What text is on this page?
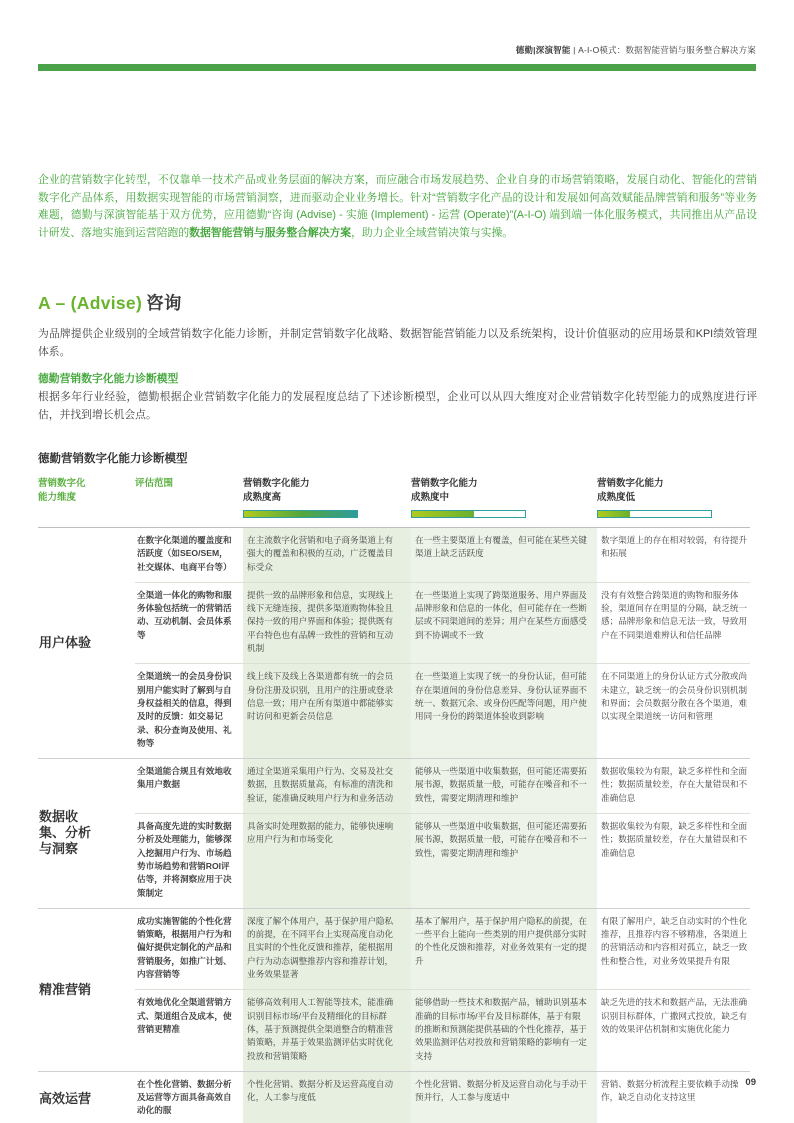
德勤|深演智能 | A-I-O模式：数据智能营销与服务整合解决方案
企业的营销数字化转型，不仅靠单一技术产品或业务层面的解决方案，而应融合市场发展趋势、企业自身的市场营销策略，发展自动化、智能化的营销数字化产品体系，用数据实现智能的市场营销洞察，进而驱动企业业务增长。针对“营销数字化产品的设计和发展如何高效赋能品牌营销和服务”等业务难题，德勤与深演智能基于双方优势，应用德勤“咨询 (Advise) - 实施 (Implement) - 运营 (Operate)”(A-I-O) 端到端一体化服务模式，共同推出从产品设计研发、落地实施到运营陪跑的数据智能营销与服务整合解决方案，助力企业全域营销决策与实操。
A – (Advise) 咨询
为品牌提供企业级别的全域营销数字化能力诊断，并制定营销数字化战略、数据智能营销能力以及系统架构，设计价值驱动的应用场景和KPI绩效管理体系。
德勤营销数字化能力诊断模型
根据多年行业经验，德勤根据企业营销数字化能力的发展程度总结了下述诊断模型，企业可以从四大维度对企业营销数字化转型能力的成熟度进行评估，并找到增长机会点。
德勤营销数字化能力诊断模型
营销数字化
能力维度
评估范围	营销数字化能力
成熟度高
营销数字化能力
成熟度中
营销数字化能力
成熟度低
用户体验
在数字化渠道的覆盖度和活跃度（如SEO/SEM，社交媒体、电商平台等）
在主流数字化营销和电子商务渠道上有强大的覆盖和积极的互动，广泛覆盖目标受众
在一些主要渠道上有覆盖，但可能在某些关键渠道上缺乏活跃度
数字渠道上的存在相对较弱，有待提升和拓展
全渠道一体化的购物和服务体验包括统一的营销活动、互动机制、会员体系等
提供一致的品牌形象和信息，实现线上线下无缝连接，提供多渠道购物体验且保持一致的用户界面和体验；提供既有平台特色也有品牌一致性的营销和互动机制
在一些渠道上实现了跨渠道服务、用户界面及品牌形象和信息的一体化，但可能存在一些断层或不同渠道间的差异；用户在某些方面感受到不协调或不一致
没有有效整合跨渠道的购物和服务体验，渠道间存在明显的分隔，缺乏统一感；品牌形象和信息无法一致，导致用户在不同渠道难辨认和信任品牌
全渠道统一的会员身份识别用户能实时了解到与自身权益相关的信息，得到及时的反馈：如交易记录、积分查询及使用、礼物等
线上线下及线上各渠道都有统一的会员身份注册及识别，且用户的注册或登录信息一致；用户在所有渠道中都能够实时访问和更新会员信息
在一些渠道上实现了统一的身份认证，但可能存在渠道间的身份信息差异、身份认证界面不统一、数据冗余、或身份匹配等问题，用户使用同一身份的跨渠道体验收到影响
在不同渠道上的身份认证方式分散或尚未建立，缺乏统一的会员身份识别机制和界面；会员数据分散在各个渠道，难以实现全渠道统一访问和管理
数据收集、分析与洞察
全渠道能合规且有效地收集用户数据
通过全渠道采集用户行为、交易及社交数据，且数据质量高，有标准的清洗和验证，能准确反映用户行为和业务活动
能够从一些渠道中收集数据，但可能还需要拓展书源，数据质量一般，可能存在噪音和不一致性，需要定期清理和维护
数据收集较为有限，缺乏多样性和全面性；数据质量较差，存在大量错误和不准确信息
具备高度先进的实时数据分析及处理能力，能够深入挖掘用户行为、市场趋势市场趋势和营销ROI评估等，并将洞察应用于决策制定
具备实时处理数据的能力，能够快速响应用户行为和市场变化
能够从一些渠道中收集数据，但可能还需要拓展书源，数据质量一般，可能存在噪音和不一致性，需要定期清理和维护
数据收集较为有限，缺乏多样性和全面性；数据质量较差，存在大量错误和不准确信息
精准营销
成功实施智能的个性化营销策略，根据用户行为和偏好提供定制化的产品和营销服务，如推广计划、内容营销等
深度了解个体用户，基于保护用户隐私的前提，在不同平台上实现高度自动化且实时的个性化反馈和推荐，能根据用户行为动态调整推荐内容和推荐计划，业务效果显著
基本了解用户，基于保护用户隐私的前提，在一些平台上能向一些类别的用户提供部分实时的个性化反馈和推荐，对业务效果有一定的提升
有限了解用户，缺乏自动实时的个性化推荐，且推荐内容不够精准，各渠道上的营销活动和内容相对孤立，缺乏一致性和整合性，对业务效果提升有限
有效地优化全渠道营销方式、渠道组合及成本，使营销更精准
能够高效利用人工智能等技术，能准确识别目标市场/平台及精细化的目标群体，基于预测提供全渠道整合的精准营销策略，并基于效果监测评估实时优化投放和营销策略
能够借助一些技术和数据产品，辅助识别基本准确的目标市场/平台及目标群体，基于有限的推断和预测能提供基础的个性化推荐，基于效果监测评估对投放和营销策略的影响有一定支持
缺乏先进的技术和数据产品，无法准确识别目标群体，广撒网式投放，缺乏有效的效果评估机制和实施优化能力
高效运营
在个性化营销、数据分析及运营等方面具备高效自动化的服
个性化营销、数据分析及运营高度自动化，人工参与度低
个性化营销、数据分析及运营自动化与手动干预并行，人工参与度适中
营销、数据分析流程主要依赖手动操作，缺乏自动化支持这里
09
